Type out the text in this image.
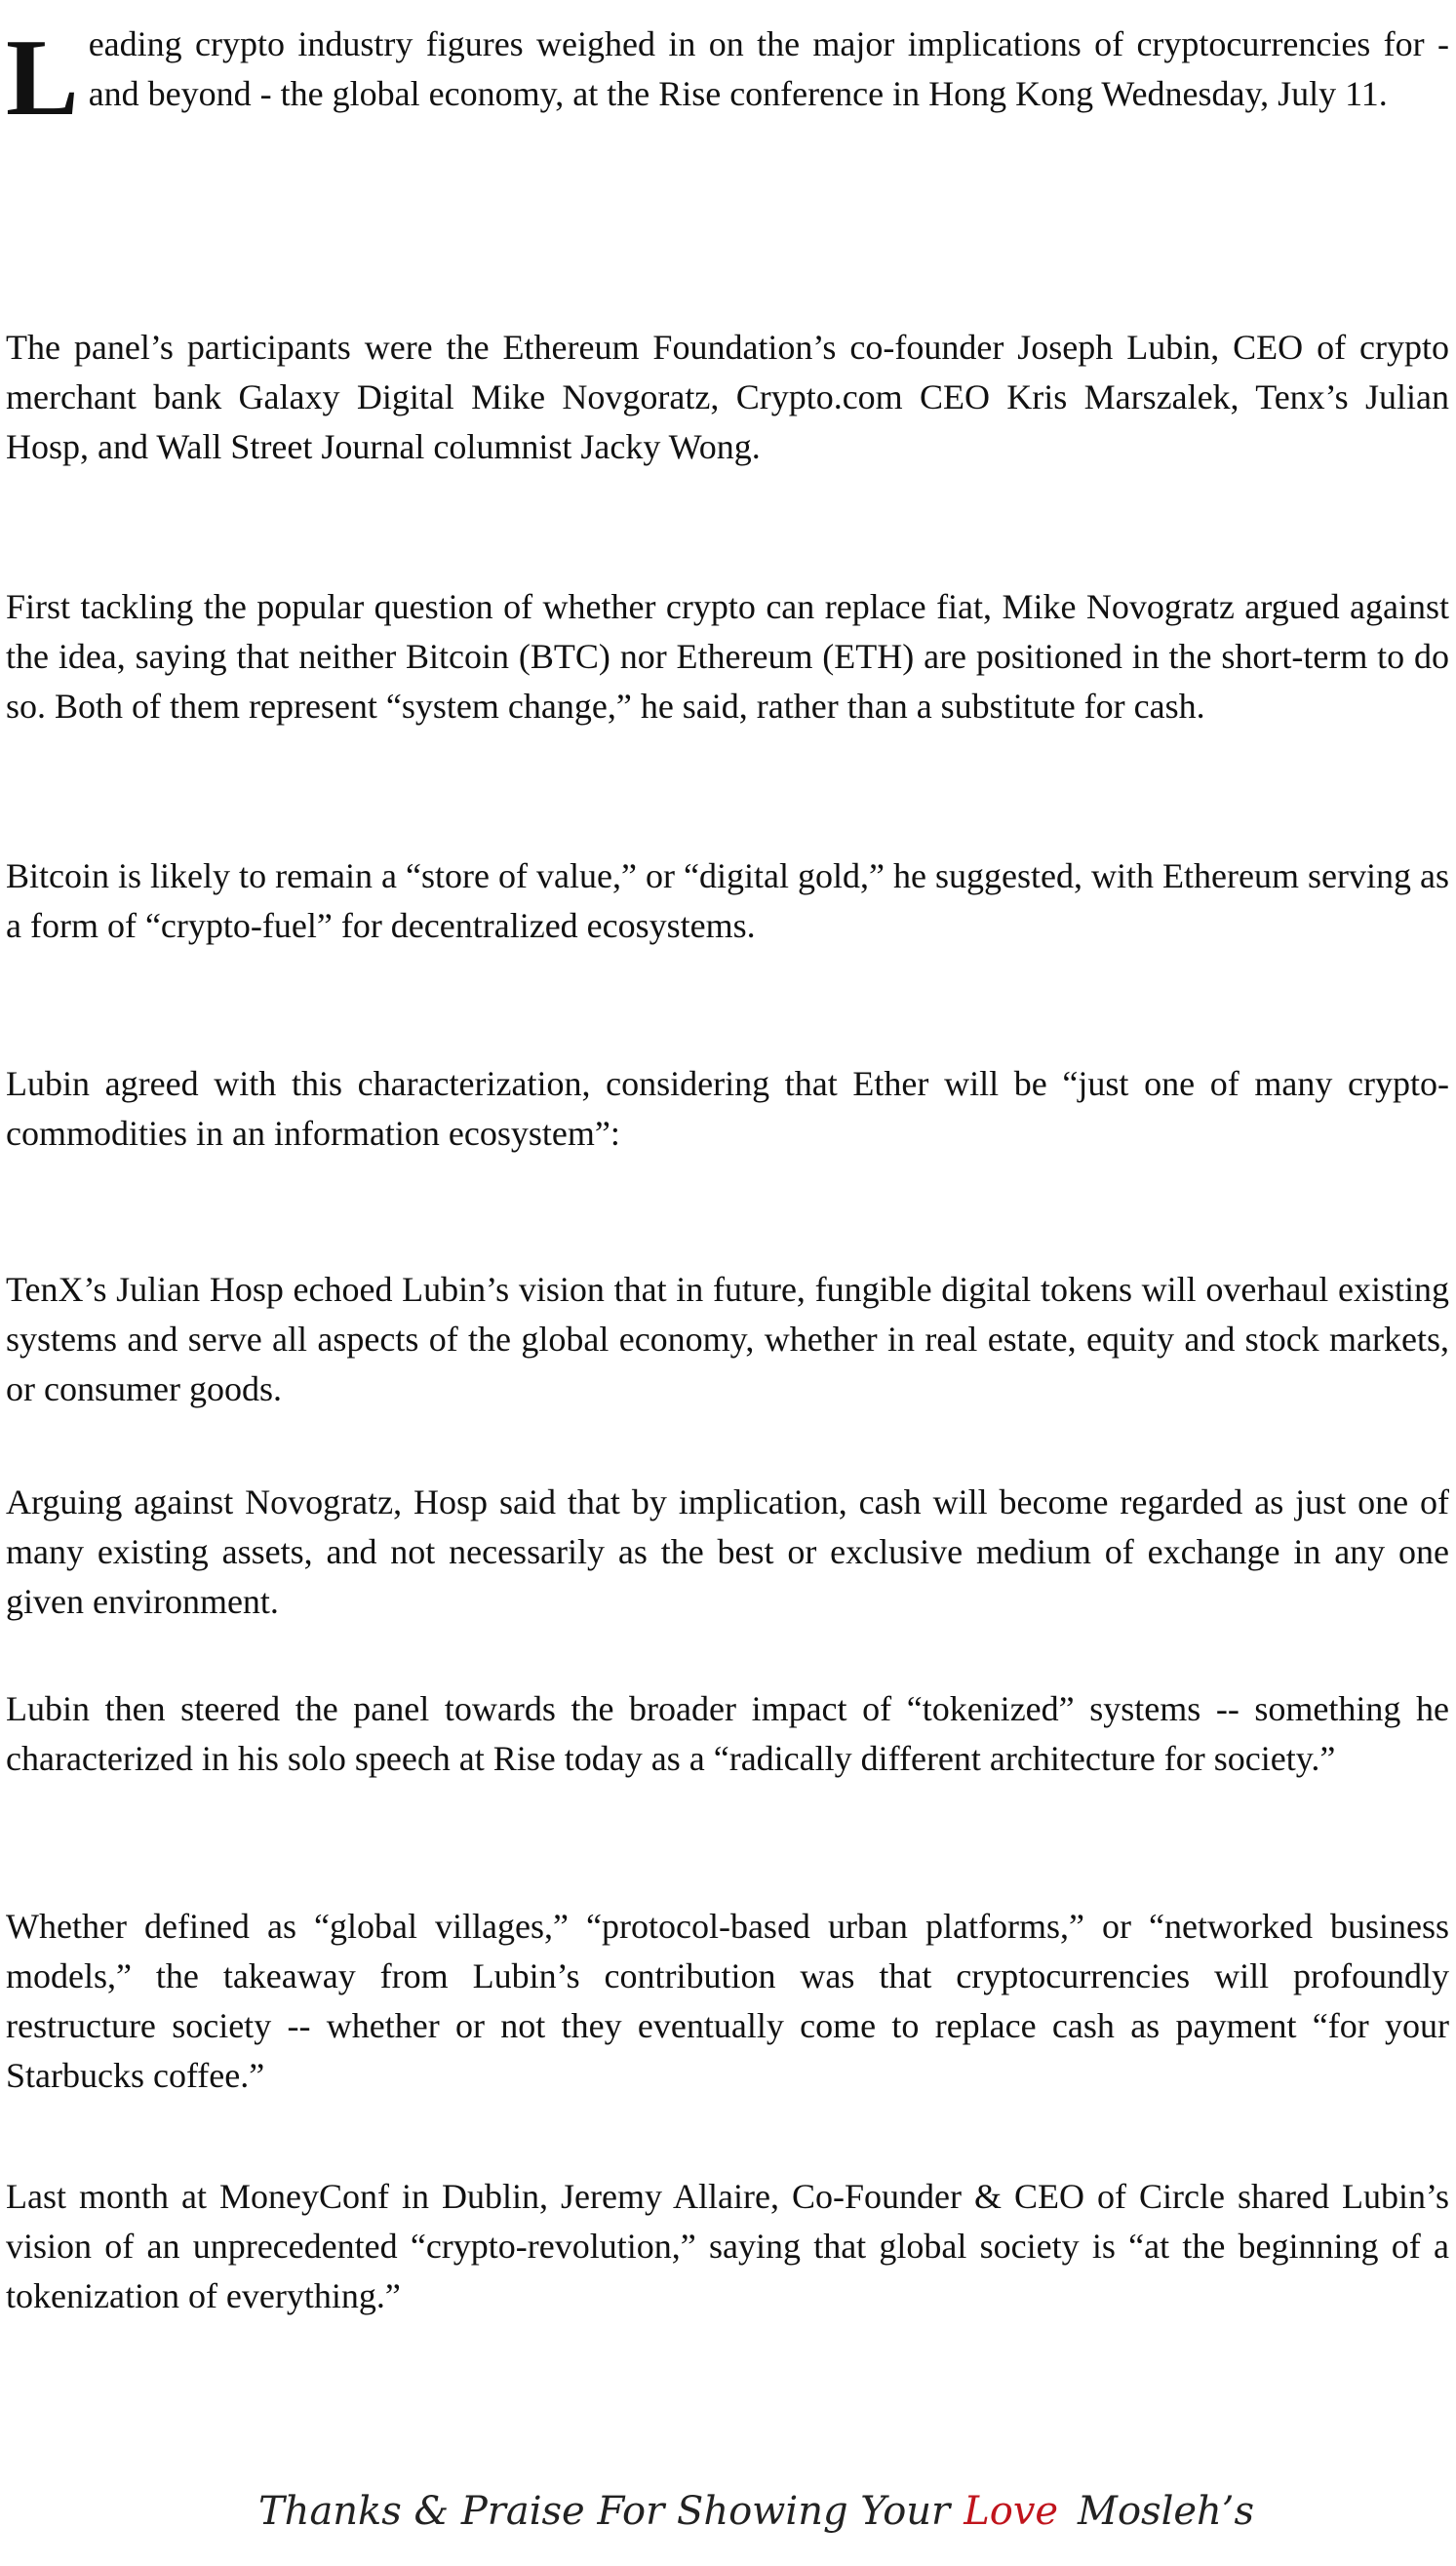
Leading crypto industry figures weighed in on the major implications of cryptocurrencies for - and beyond - the global economy, at the Rise conference in Hong Kong Wednesday, July 11.

The panel’s participants were the Ethereum Foundation’s co-founder Joseph Lubin, CEO of crypto merchant bank Galaxy Digital Mike Novgoratz, Crypto.com CEO Kris Marszalek, Tenx’s Julian Hosp, and Wall Street Journal columnist Jacky Wong.

First tackling the popular question of whether crypto can replace fiat, Mike Novogratz argued against the idea, saying that neither Bitcoin (BTC) nor Ethereum (ETH) are positioned in the short-term to do so. Both of them represent “system change,” he said, rather than a substitute for cash.

Bitcoin is likely to remain a “store of value,” or “digital gold,” he suggested, with Ethereum serving as a form of “crypto-fuel” for decentralized ecosystems.

Lubin agreed with this characterization, considering that Ether will be “just one of many crypto-commodities in an information ecosystem”:

TenX’s Julian Hosp echoed Lubin’s vision that in future, fungible digital tokens will overhaul existing systems and serve all aspects of the global economy, whether in real estate, equity and stock markets, or consumer goods.

Arguing against Novogratz, Hosp said that by implication, cash will become regarded as just one of many existing assets, and not necessarily as the best or exclusive medium of exchange in any one given environment.

Lubin then steered the panel towards the broader impact of “tokenized” systems -- something he characterized in his solo speech at Rise today as a “radically different architecture for society.”

Whether defined as “global villages,” “protocol-based urban platforms,” or “networked business models,” the takeaway from Lubin’s contribution was that cryptocurrencies will profoundly restructure society -- whether or not they eventually come to replace cash as payment “for your Starbucks coffee.”

Last month at MoneyConf in Dublin, Jeremy Allaire, Co-Founder & CEO of Circle shared Lubin’s vision of an unprecedented “crypto-revolution,” saying that global society is “at the beginning of a tokenization of everything.”

Thanks & Praise For Showing Your Love Mosleh’s
